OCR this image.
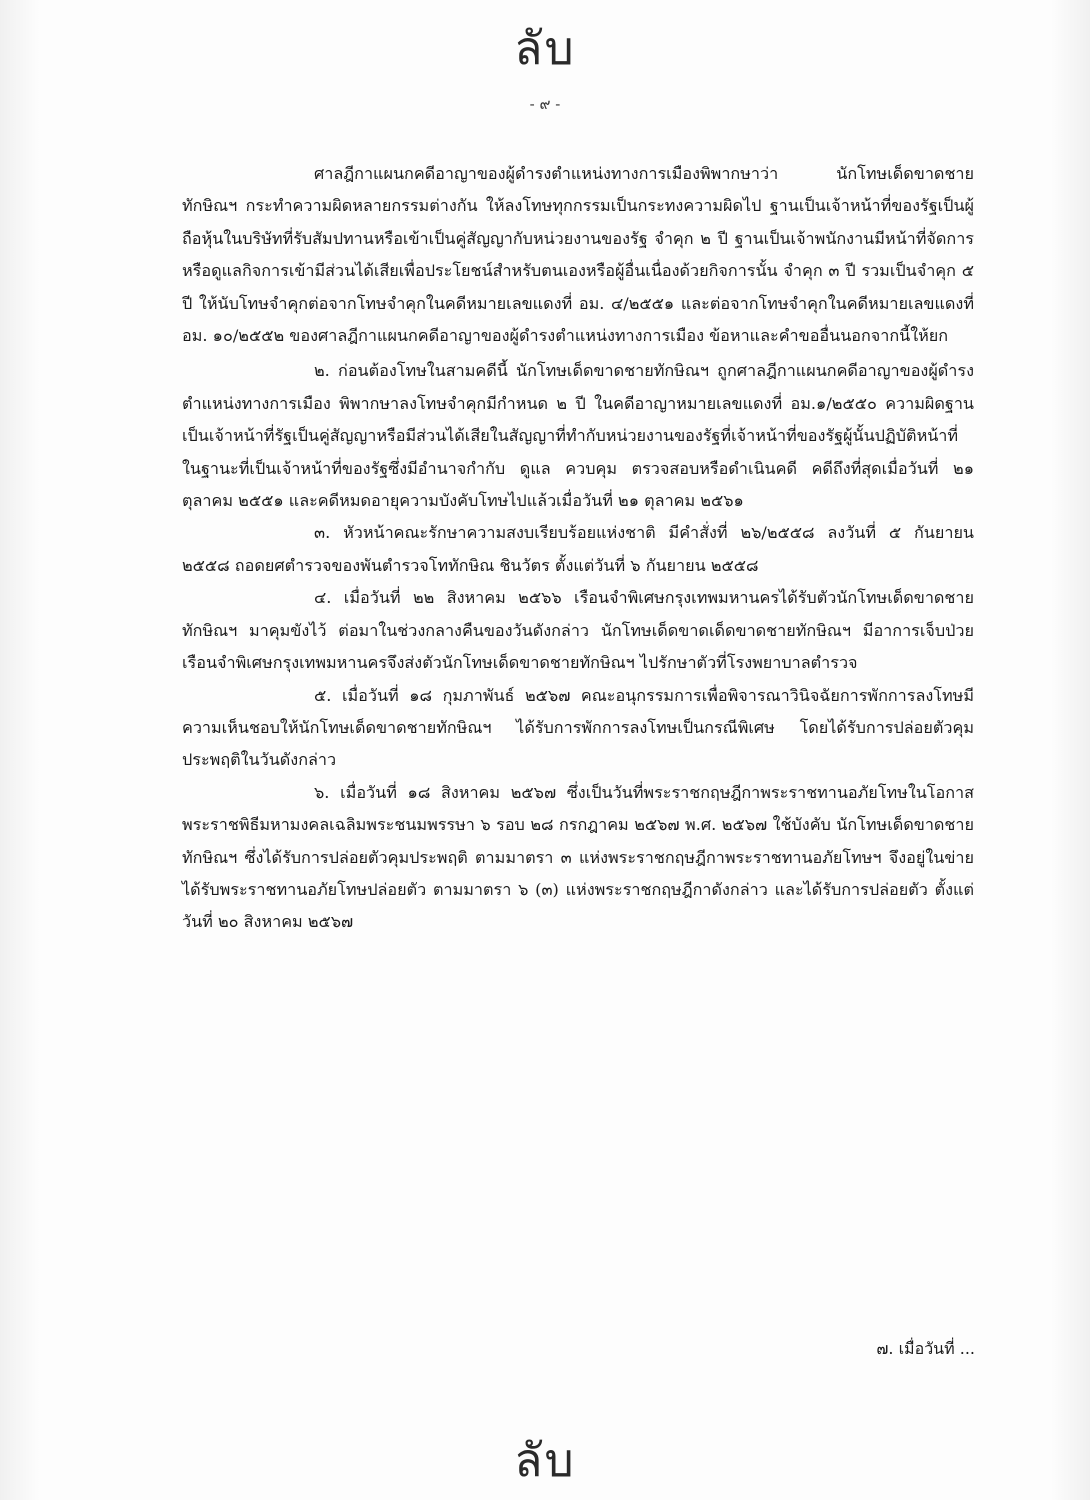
ลับ
- ๙ -

ศาลฎีกาแผนกคดีอาญาของผู้ดำรงตำแหน่งทางการเมืองพิพากษาว่า นักโทษเด็ดขาดชายทักษิณฯ กระทำความผิดหลายกรรมต่างกัน ให้ลงโทษทุกกรรมเป็นกระทงความผิดไป ฐานเป็นเจ้าหน้าที่ของรัฐเป็นผู้ถือหุ้นในบริษัทที่รับสัมปทานหรือเข้าเป็นคู่สัญญากับหน่วยงานของรัฐ จำคุก ๒ ปี ฐานเป็นเจ้าพนักงานมีหน้าที่จัดการหรือดูแลกิจการเข้ามีส่วนได้เสียเพื่อประโยชน์สำหรับตนเองหรือผู้อื่นเนื่องด้วยกิจการนั้น จำคุก ๓ ปี รวมเป็นจำคุก ๕ ปี ให้นับโทษจำคุกต่อจากโทษจำคุกในคดีหมายเลขแดงที่ อม. ๔/๒๕๕๑ และต่อจากโทษจำคุกในคดีหมายเลขแดงที่ อม. ๑๐/๒๕๕๒ ของศาลฎีกาแผนกคดีอาญาของผู้ดำรงตำแหน่งทางการเมือง ข้อหาและคำขออื่นนอกจากนี้ให้ยก

๒. ก่อนต้องโทษในสามคดีนี้ นักโทษเด็ดขาดชายทักษิณฯ ถูกศาลฎีกาแผนกคดีอาญาของผู้ดำรงตำแหน่งทางการเมือง พิพากษาลงโทษจำคุกมีกำหนด ๒ ปี ในคดีอาญาหมายเลขแดงที่ อม.๑/๒๕๕๐ ความผิดฐานเป็นเจ้าหน้าที่รัฐเป็นคู่สัญญาหรือมีส่วนได้เสียในสัญญาที่ทำกับหน่วยงานของรัฐที่เจ้าหน้าที่ของรัฐผู้นั้นปฏิบัติหน้าที่ในฐานะที่เป็นเจ้าหน้าที่ของรัฐซึ่งมีอำนาจกำกับ ดูแล ควบคุม ตรวจสอบหรือดำเนินคดี คดีถึงที่สุดเมื่อวันที่ ๒๑ ตุลาคม ๒๕๕๑ และคดีหมดอายุความบังคับโทษไปแล้วเมื่อวันที่ ๒๑ ตุลาคม ๒๕๖๑

๓. หัวหน้าคณะรักษาความสงบเรียบร้อยแห่งชาติ มีคำสั่งที่ ๒๖/๒๕๕๘ ลงวันที่ ๕ กันยายน ๒๕๕๘ ถอดยศตำรวจของพันตำรวจโททักษิณ ชินวัตร ตั้งแต่วันที่ ๖ กันยายน ๒๕๕๘

๔. เมื่อวันที่ ๒๒ สิงหาคม ๒๕๖๖ เรือนจำพิเศษกรุงเทพมหานครได้รับตัวนักโทษเด็ดขาดชายทักษิณฯ มาคุมขังไว้ ต่อมาในช่วงกลางคืนของวันดังกล่าว นักโทษเด็ดขาดเด็ดขาดชายทักษิณฯ มีอาการเจ็บป่วย เรือนจำพิเศษกรุงเทพมหานครจึงส่งตัวนักโทษเด็ดขาดชายทักษิณฯ ไปรักษาตัวที่โรงพยาบาลตำรวจ

๕. เมื่อวันที่ ๑๘ กุมภาพันธ์ ๒๕๖๗ คณะอนุกรรมการเพื่อพิจารณาวินิจฉัยการพักการลงโทษมีความเห็นชอบให้นักโทษเด็ดขาดชายทักษิณฯ ได้รับการพักการลงโทษเป็นกรณีพิเศษ โดยได้รับการปล่อยตัวคุมประพฤติในวันดังกล่าว

๖. เมื่อวันที่ ๑๘ สิงหาคม ๒๕๖๗ ซึ่งเป็นวันที่พระราชกฤษฎีกาพระราชทานอภัยโทษในโอกาสพระราชพิธีมหามงคลเฉลิมพระชนมพรรษา ๖ รอบ ๒๘ กรกฎาคม ๒๕๖๗ พ.ศ. ๒๕๖๗ ใช้บังคับ นักโทษเด็ดขาดชายทักษิณฯ ซึ่งได้รับการปล่อยตัวคุมประพฤติ ตามมาตรา ๓ แห่งพระราชกฤษฎีกาพระราชทานอภัยโทษฯ จึงอยู่ในข่ายได้รับพระราชทานอภัยโทษปล่อยตัว ตามมาตรา ๖ (๓) แห่งพระราชกฤษฎีกาดังกล่าว และได้รับการปล่อยตัว ตั้งแต่วันที่ ๒๐ สิงหาคม ๒๕๖๗

๗. เมื่อวันที่ ...
ลับ
